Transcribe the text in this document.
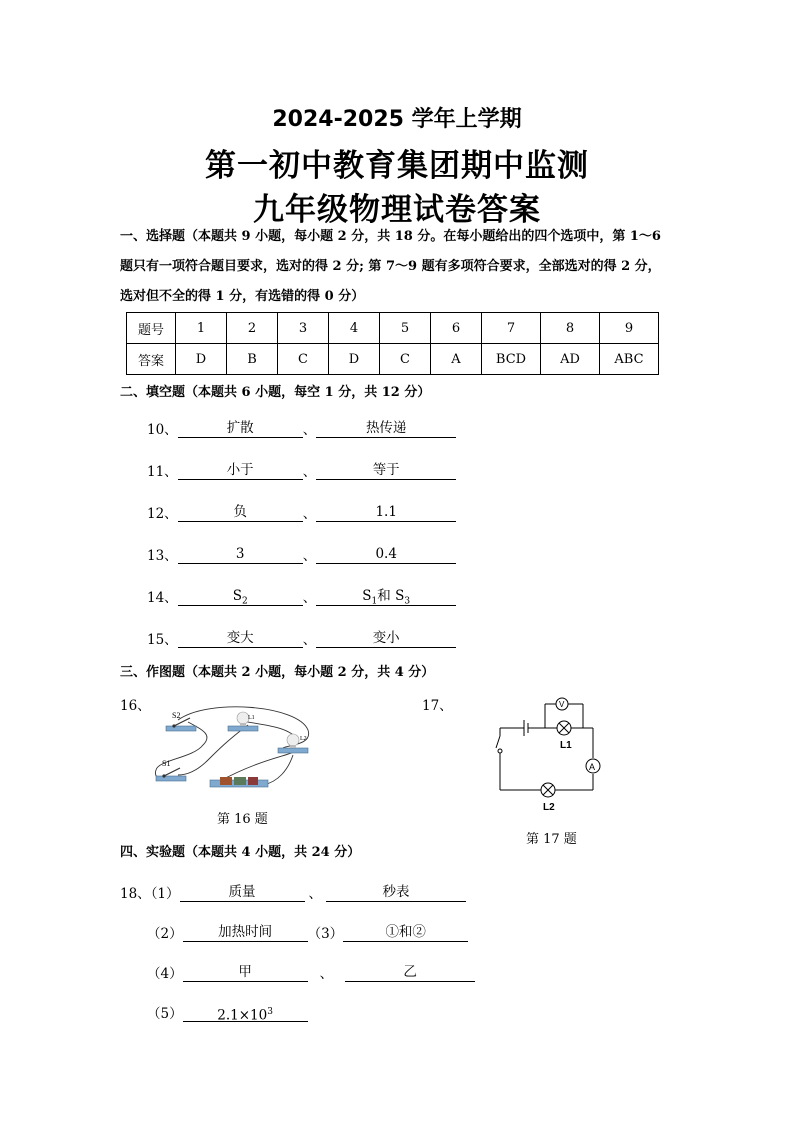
2024-2025 学年上学期
第一初中教育集团期中监测
九年级物理试卷答案
一、选择题（本题共 9 小题，每小题 2 分，共 18 分。在每小题给出的四个选项中，第 1～6
题只有一项符合题目要求，选对的得 2 分; 第 7～9 题有多项符合要求，全部选对的得 2 分，
选对但不全的得 1 分，有选错的得 0 分）
题号	1	2	3	4	5	6	7	8	9
答案	D	B	C	D	C	A	BCD	AD	ABC
二、填空题（本题共 6 小题，每空 1 分，共 12 分）
10、	扩散	、	热传递
11、	小于	、	等于
12、	负	、	1.1
13、	3	、	0.4
14、	$S_2$	、	$S_1$和 $S_3$
15、	变大	、	变小
三、作图题（本题共 2 小题，每小题 2 分，共 4 分）
16、	17、
S2	L1
L2
S1
第 16 题
V
L1
A
L2
第 17 题
四、实验题（本题共 4 小题，共 24 分）
18、（1）	质量	、	秒表
（2）	加热时间	（3）	①和②
（4）	甲	、	乙
（5）	$2.1\times 10^3$
